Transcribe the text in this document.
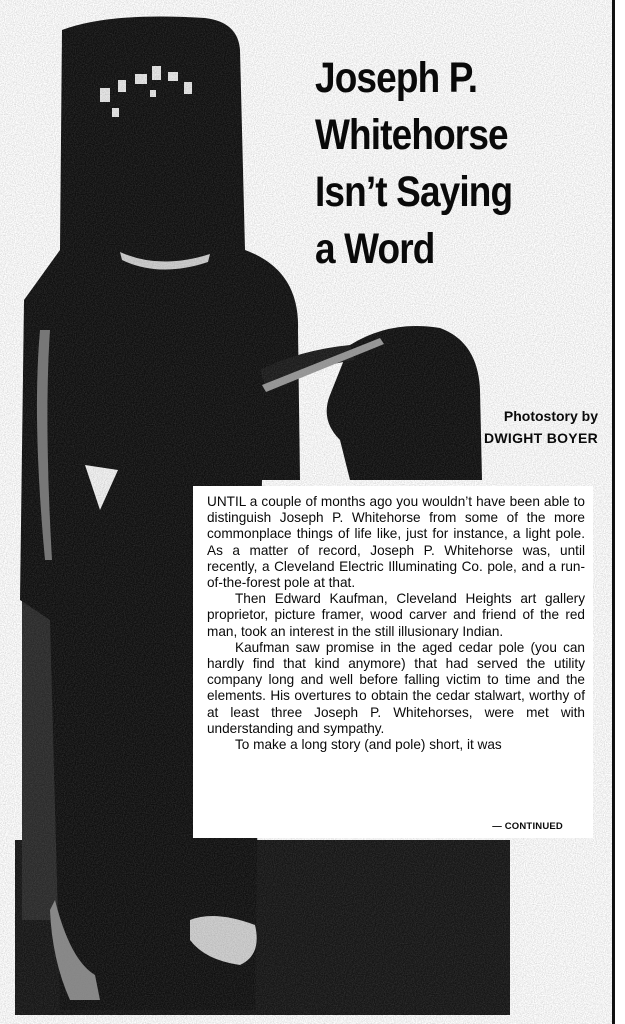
Joseph P.
Whitehorse
Isn’t Saying
a Word
Photostory by
DWIGHT BOYER

UNTIL a couple of months ago you wouldn’t have been able to distinguish Joseph P. Whitehorse from some of the more commonplace things of life like, just for instance, a light pole. As a matter of record, Joseph P. Whitehorse was, until recently, a Cleveland Electric Illuminating Co. pole, and a run-of-the-forest pole at that.

Then Edward Kaufman, Cleveland Heights art gallery proprietor, picture framer, wood carver and friend of the red man, took an interest in the still illusionary Indian.

Kaufman saw promise in the aged cedar pole (you can hardly find that kind anymore) that had served the utility company long and well before falling victim to time and the elements. His overtures to obtain the cedar stalwart, worthy of at least three Joseph P. Whitehorses, were met with understanding and sympathy.

To make a long story (and pole) short, it was

— CONTINUED
